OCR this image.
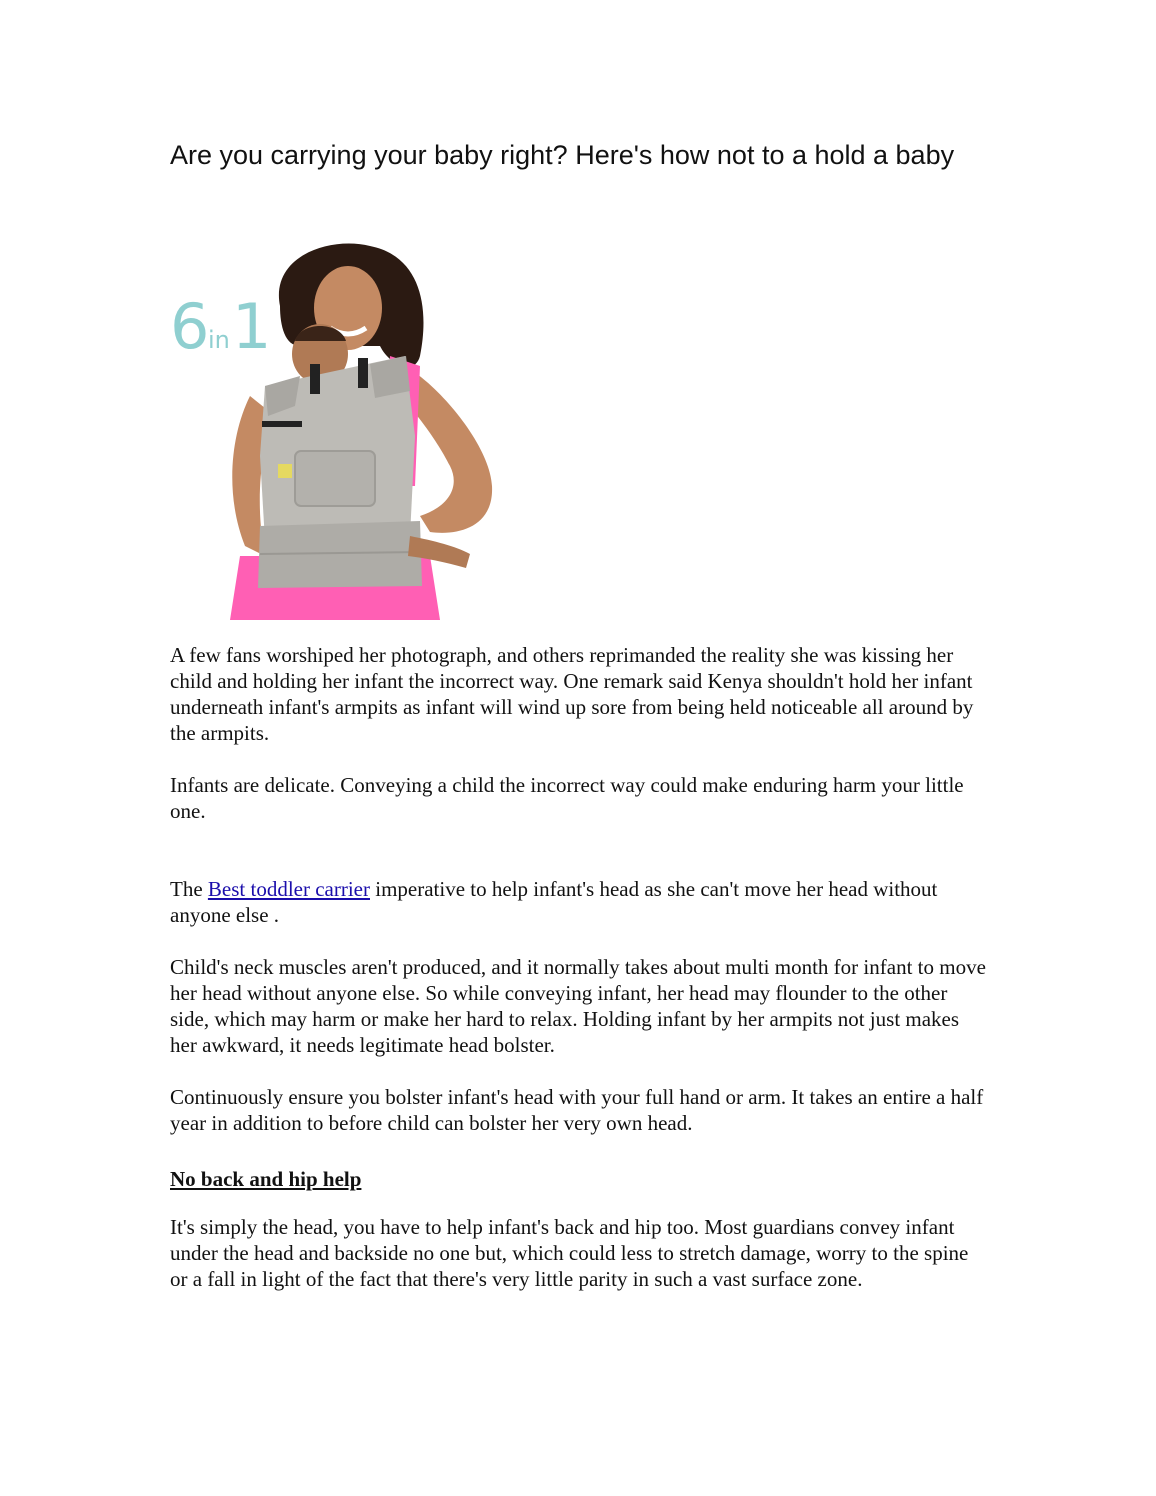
Are you carrying your baby right? Here's how not to a hold a baby
6
in 1

A few fans worshiped her photograph, and others reprimanded the reality she was kissing her child and holding her infant the incorrect way. One remark said Kenya shouldn't hold her infant underneath infant's armpits as infant will wind up sore from being held noticeable all around by the armpits.

Infants are delicate. Conveying a child the incorrect way could make enduring harm your little one.

The Best toddler carrier imperative to help infant's head as she can't move her head without anyone else .

Child's neck muscles aren't produced, and it normally takes about multi month for infant to move her head without anyone else. So while conveying infant, her head may flounder to the other side, which may harm or make her hard to relax. Holding infant by her armpits not just makes her awkward, it needs legitimate head bolster.

Continuously ensure you bolster infant's head with your full hand or arm. It takes an entire a half year in addition to before child can bolster her very own head.

No back and hip help

It's simply the head, you have to help infant's back and hip too. Most guardians convey infant under the head and backside no one but, which could less to stretch damage, worry to the spine or a fall in light of the fact that there's very little parity in such a vast surface zone.
